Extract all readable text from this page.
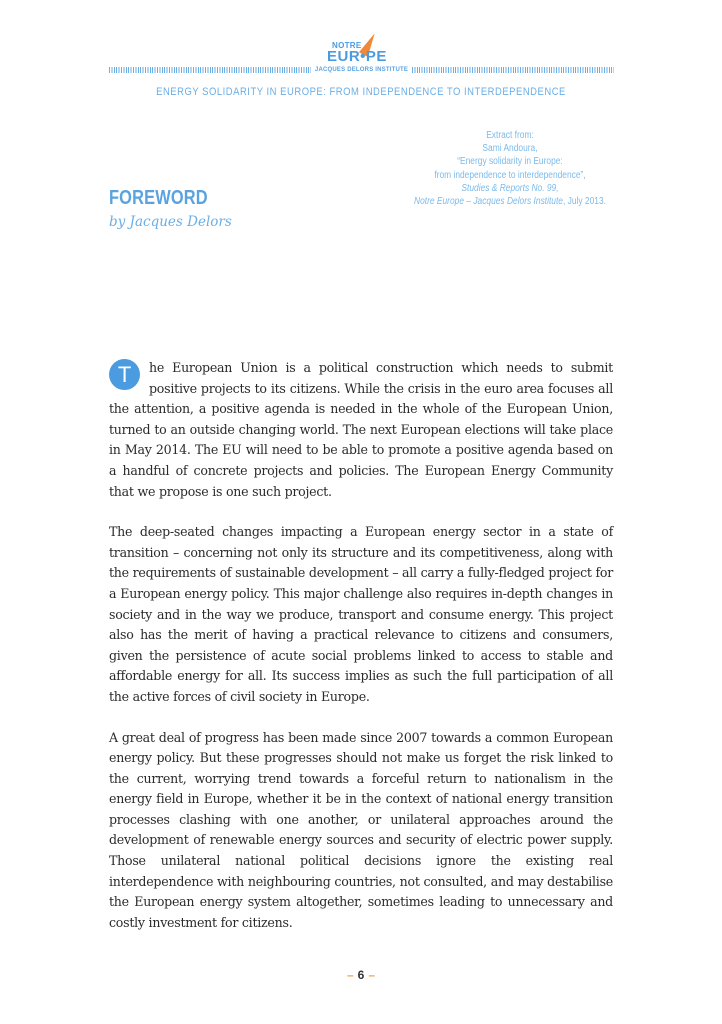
NOTRE
EUR•PE
JACQUES DELORS INSTITUTE
ENERGY SOLIDARITY IN EUROPE: FROM INDEPENDENCE TO INTERDEPENDENCE
Extract from:
Sami Andoura,
“Energy solidarity in Europe:
from independence to interdependence”,
Studies & Reports No. 99,
Notre Europe – Jacques Delors Institute, July 2013.
FOREWORD
by Jacques Delors

T	he European Union is a political construction which needs to submit positive projects to its citizens. While the crisis in the euro area focuses all the attention, a positive agenda is needed in the whole of the European Union, turned to an outside changing world. The next European elections will take place in May 2014. The EU will need to be able to promote a positive agenda based on a handful of concrete projects and policies. The European Energy Community that we propose is one such project.

The deep-seated changes impacting a European energy sector in a state of transition – concerning not only its structure and its competitiveness, along with the requirements of sustainable development – all carry a fully-fledged project for a European energy policy. This major challenge also requires in-depth changes in society and in the way we produce, transport and consume energy. This project also has the merit of having a practical relevance to citizens and consumers, given the persistence of acute social problems linked to access to stable and affordable energy for all. Its success implies as such the full participation of all the active forces of civil society in Europe.

A great deal of progress has been made since 2007 towards a common European energy policy. But these progresses should not make us forget the risk linked to the current, worrying trend towards a forceful return to nationalism in the energy field in Europe, whether it be in the context of national energy transition processes clashing with one another, or unilateral approaches around the development of renewable energy sources and security of electric power supply. Those unilateral national political decisions ignore the existing real interdependence with neighbouring countries, not consulted, and may destabilise the European energy system altogether, sometimes leading to unnecessary and costly investment for citizens.

– 6 –
